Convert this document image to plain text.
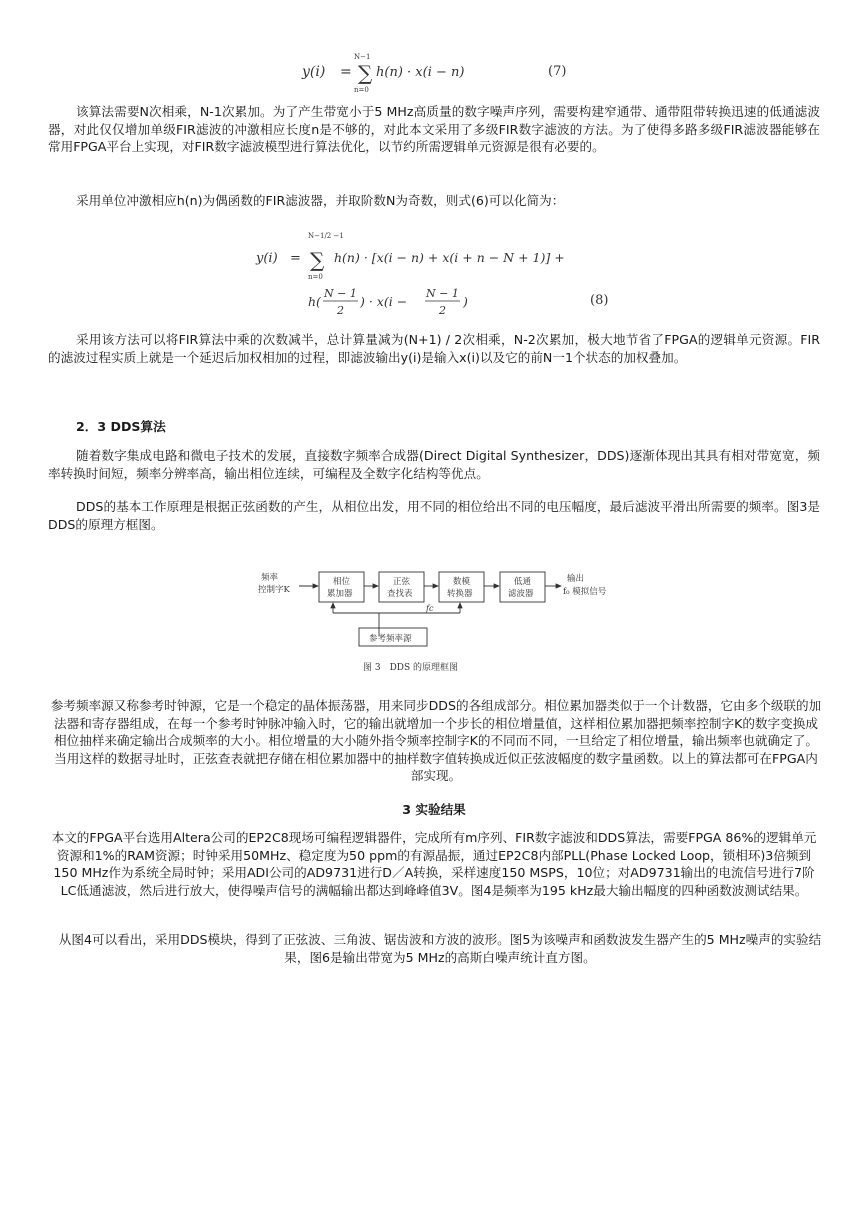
y(i) =
N−1
∑
n=0
h(n) · x(i − n)	(7)

该算法需要N次相乘，N-1次累加。为了产生带宽小于5 MHz高质量的数字噪声序列，需要构建窄通带、通带阻带转换迅速的低通滤波器，对此仅仅增加单级FIR滤波的冲激相应长度n是不够的，对此本文采用了多级FIR数字滤波的方法。为了使得多路多级FIR滤波器能够在常用FPGA平台上实现，对FIR数字滤波模型进行算法优化，以节约所需逻辑单元资源是很有必要的。

采用单位冲激相应h(n)为偶函数的FIR滤波器，并取阶数N为奇数，则式(6)可以化简为：

y(i) =
N−1/2 −1
∑
n=0
h(n) · [x(i − n) + x(i + n − N + 1)] +
h(
N − 1
2
) · x(i −
N − 1
2
)	(8)

采用该方法可以将FIR算法中乘的次数减半，总计算量减为(N+1) / 2次相乘，N-2次累加，极大地节省了FPGA的逻辑单元资源。FIR的滤波过程实质上就是一个延迟后加权相加的过程，即滤波输出y(i)是输入x(i)以及它的前N一1个状态的加权叠加。

2．3 DDS算法

随着数字集成电路和微电子技术的发展，直接数字频率合成器(Direct Digital Synthesizer，DDS)逐渐体现出其具有相对带宽宽，频率转换时间短，频率分辨率高，输出相位连续，可编程及全数字化结构等优点。

DDS的基本工作原理是根据正弦函数的产生，从相位出发，用不同的相位给出不同的电压幅度，最后滤波平滑出所需要的频率。图3是DDS的原理方框图。

频率
控制字K
相位
累加器
正弦
查找表
数模
转换器
低通
滤波器
输出
f₀ 模拟信号
fc
参考频率源
图 3　DDS 的原理框图

参考频率源又称参考时钟源，它是一个稳定的晶体振荡器，用来同步DDS的各组成部分。相位累加器类似于一个计数器，它由多个级联的加法器和寄存器组成，在每一个参考时钟脉冲输入时，它的输出就增加一个步长的相位增量值，这样相位累加器把频率控制字K的数字变换成相位抽样来确定输出合成频率的大小。相位增量的大小随外指令频率控制字K的不同而不同，一旦给定了相位增量，输出频率也就确定了。当用这样的数据寻址时，正弦查表就把存储在相位累加器中的抽样数字值转换成近似正弦波幅度的数字量函数。以上的算法都可在FPGA内部实现。

3 实验结果

本文的FPGA平台选用Altera公司的EP2C8现场可编程逻辑器件，完成所有m序列、FIR数字滤波和DDS算法，需要FPGA 86%的逻辑单元资源和1%的RAM资源；时钟采用50MHz、稳定度为50 ppm的有源晶振，通过EP2C8内部PLL(Phase Locked Loop，锁相环)3倍频到150 MHz作为系统全局时钟；采用ADI公司的AD9731进行D／A转换，采样速度150 MSPS，10位；对AD9731输出的电流信号进行7阶LC低通滤波，然后进行放大，使得噪声信号的满幅输出都达到峰峰值3V。图4是频率为195 kHz最大输出幅度的四种函数波测试结果。

从图4可以看出，采用DDS模块，得到了正弦波、三角波、锯齿波和方波的波形。图5为该噪声和函数波发生器产生的5 MHz噪声的实验结果，图6是输出带宽为5 MHz的高斯白噪声统计直方图。
